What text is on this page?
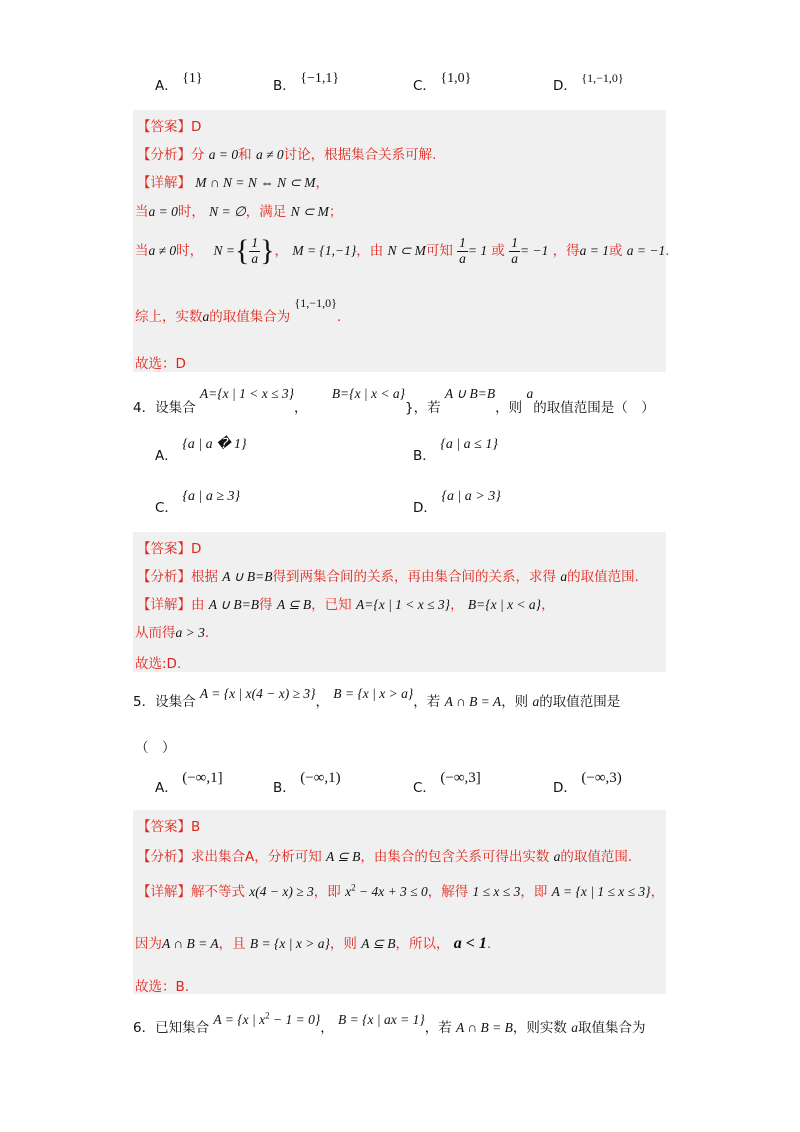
A． {1}	B． {−1,1}	C． {1,0}	D． {1,−1,0}
【答案】D
【分析】分 a = 0和 a ≠ 0讨论，根据集合关系可解.
【详解】 M ∩ N = N ⇔ N ⊂ M，
当a = 0时， N = ∅，满足 N ⊂ M；
当a ≠ 0时， N ={ $\frac{1}{a}$ }， M = {1,−1}，由 N ⊂ M可知 $\frac{1}{a} = 1$ 或 $\frac{1}{a} = -1$ ，得a = 1或 a = −1.
综上，实数a的取值集合为 {1,−1,0}.
故选：D
4．设集合 A={x | 1 < x ≤ 3}， B={x | x < a}}，若 A ∪ B=B，则 a的取值范围是（　）
A． {a | a � 1}
B． {a | a ≤ 1}
C． {a | a ≥ 3}
D． {a | a > 3}
【答案】D
【分析】根据 A ∪ B=B得到两集合间的关系，再由集合间的关系，求得 a的取值范围.
【详解】由 A ∪ B=B得 A ⊆ B，已知 A={x | 1 < x ≤ 3}， B={x | x < a}，
从而得a > 3.
故选:D.
5．设集合 A = {x | x(4 − x) ≥ 3}， B = {x | x > a}，若 A ∩ B = A，则 a的取值范围是
（　）
A． (−∞,1]
B． (−∞,1)
C． (−∞,3]
D． (−∞,3)
【答案】B
【分析】求出集合A，分析可知 A ⊆ B，由集合的包含关系可得出实数 a的取值范围.
【详解】解不等式 x(4 − x) ≥ 3，即 $x^2 - 4x + 3 \le 0$，解得 1 ≤ x ≤ 3，即 A = {x | 1 ≤ x ≤ 3}，
因为A ∩ B = A，且 B = {x | x > a}，则 A ⊆ B，所以， a < 1.
故选：B.
6．已知集合 A = {x | $x^2 - 1 = 0$}， B = {x | ax = 1}，若 A ∩ B = B，则实数 a取值集合为
